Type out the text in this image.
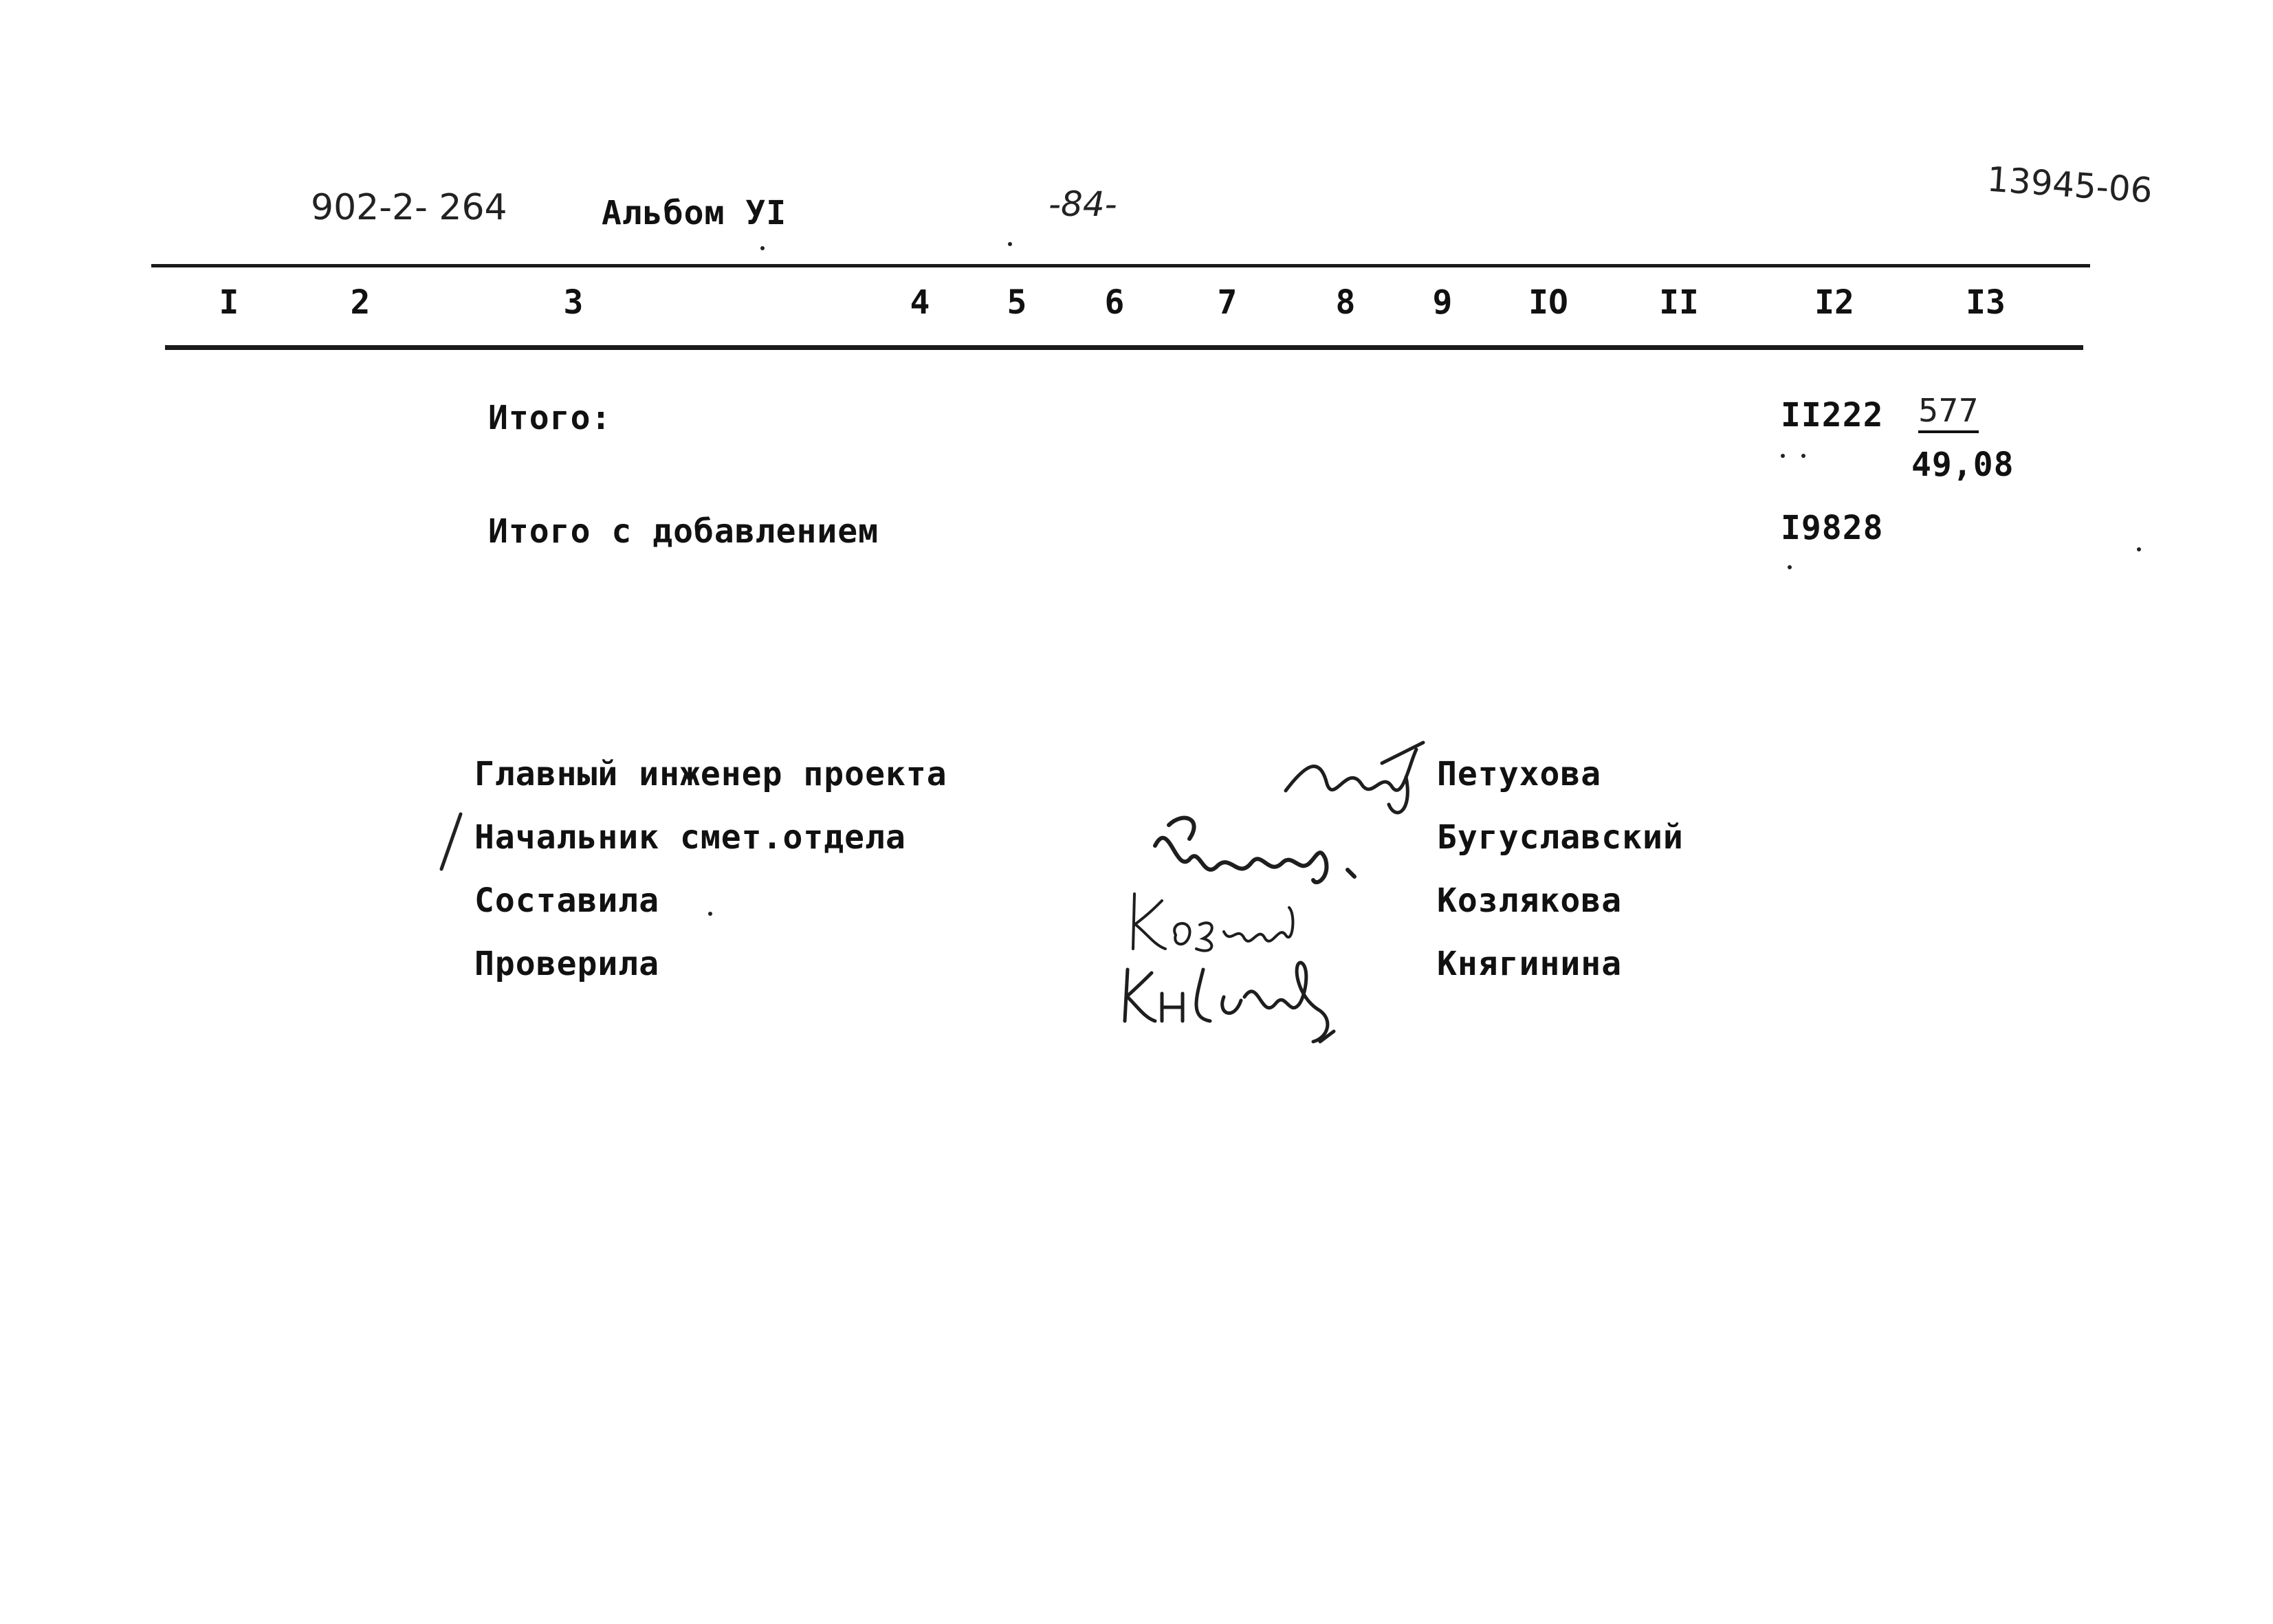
902-2- 264	Альбом УI	-84-	13945-06
I	2	3	4 5 6	7	8 9 IO	II	I2	I3
Итого:	II222 577
49,08
Итого с добавлением	I9828
Главный инженер проекта
Начальник смет.отдела
Составила
Проверила
Петухова
Бугуславский
Козлякова
Княгинина
